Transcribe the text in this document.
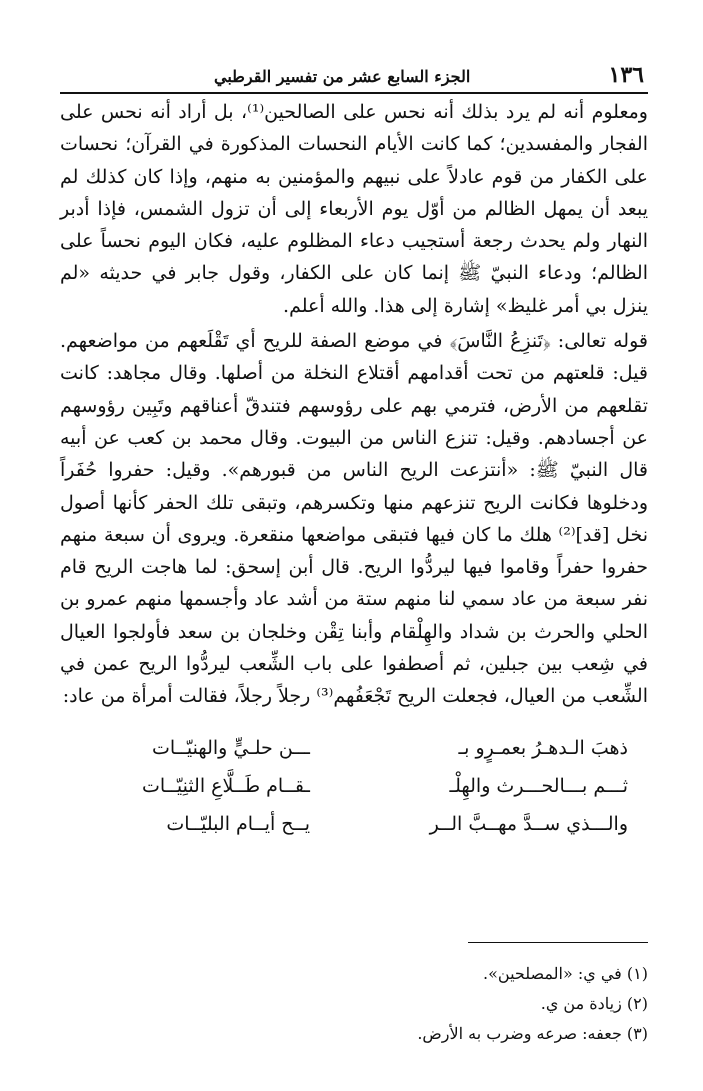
١٣٦
الجزء السابع عشر من تفسير القرطبي

ومعلوم أنه لم يرد بذلك أنه نحس على الصالحين⁽¹⁾، بل أراد أنه نحس على الفجار والمفسدين؛ كما كانت الأيام النحسات المذكورة في القرآن؛ نحسات على الكفار من قوم عادلاً على نبيهم والمؤمنين به منهم، وإذا كان كذلك لم يبعد أن يمهل الظالم من أوّل يوم الأربعاء إلى أن تزول الشمس، فإذا أدبر النهار ولم يحدث رجعة أستجيب دعاء المظلوم عليه، فكان اليوم نحساً على الظالم؛ ودعاء النبيّ ﷺ إنما كان على الكفار، وقول جابر في حديثه «لم ينزل بي أمر غليظ» إشارة إلى هذا. والله أعلم.

قوله تعالى: ﴿تَنزِعُ النَّاسَ﴾ في موضع الصفة للريح أي تَقْلَعهم من مواضعهم. قيل: قلعتهم من تحت أقدامهم أقتلاع النخلة من أصلها. وقال مجاهد: كانت تقلعهم من الأرض، فترمي بهم على رؤوسهم فتندقّ أعناقهم وتَبِين رؤوسهم عن أجسادهم. وقيل: تنزع الناس من البيوت. وقال محمد بن كعب عن أبيه قال النبيّ ﷺ: «أنتزعت الريح الناس من قبورهم». وقيل: حفروا حُفَراً ودخلوها فكانت الريح تنزعهم منها وتكسرهم، وتبقى تلك الحفر كأنها أصول نخل [قد]⁽²⁾ هلك ما كان فيها فتبقى مواضعها منقعرة. ويروى أن سبعة منهم حفروا حفراً وقاموا فيها ليردُّوا الريح. قال أبن إسحق: لما هاجت الريح قام نفر سبعة من عاد سمي لنا منهم ستة من أشد عاد وأجسمها منهم عمرو بن الحلي والحرث بن شداد والهِلْقام وأبنا تِقْن وخلجان بن سعد فأولجوا العيال في شِعب بين جبلين، ثم أصطفوا على باب الشِّعب ليردُّوا الريح عمن في الشِّعب من العيال، فجعلت الريح تَجْعَفُهم⁽³⁾ رجلاً رجلاً، فقالت أمرأة من عاد:

ذهبَ الـدهـرُ بعمـرٍو بـ
ـــن حلـيٍّ والهنيّــات
ثـــم بـــالحـــرث والهِلْـ
ـقــام طَــلَّاعِ الثنِيّــات
والـــذي ســدَّ مهــبَّ الــر
يــح أيــام البليّــات
(١) في ي: «المصلحين».
(٢) زيادة من ي.
(٣) جعفه: صرعه وضرب به الأرض.
